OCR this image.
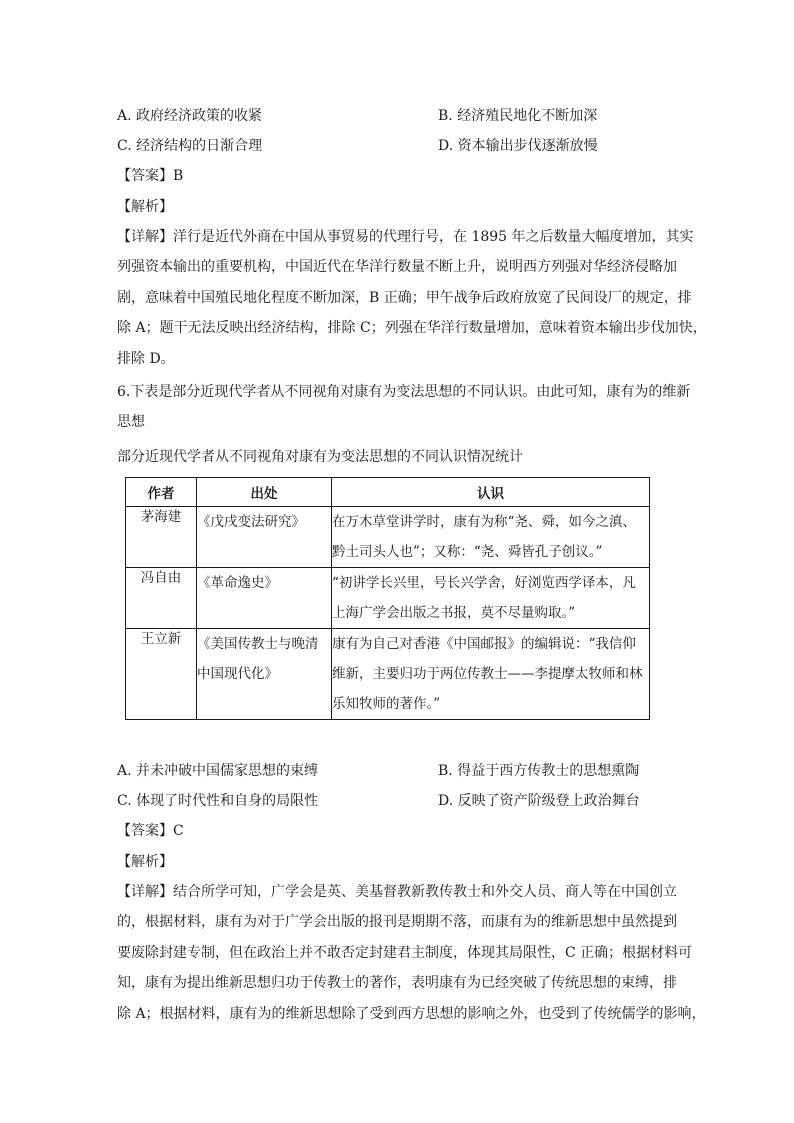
A. 政府经济政策的收紧	B. 经济殖民地化不断加深
C. 经济结构的日渐合理	D. 资本输出步伐逐渐放慢
【答案】B
【解析】
【详解】洋行是近代外商在中国从事贸易的代理行号，在 1895 年之后数量大幅度增加，其实
列强资本输出的重要机构，中国近代在华洋行数量不断上升，说明西方列强对华经济侵略加
剧，意味着中国殖民地化程度不断加深，B 正确；甲午战争后政府放宽了民间设厂的规定，排
除 A；题干无法反映出经济结构，排除 C；列强在华洋行数量增加，意味着资本输出步伐加快，
排除 D。
6.下表是部分近现代学者从不同视角对康有为变法思想的不同认识。由此可知，康有为的维新
思想
部分近现代学者从不同视角对康有为变法思想的不同认识情况统计
作者	出处	认识

茅海建	《戊戌变法研究》	在万木草堂讲学时，康有为称“尧、舜，如今之滇、黔土司头人也”；又称：“尧、舜皆孔子创议。”

冯自由	《革命逸史》	“初讲学长兴里，号长兴学舍，好浏览西学译本，凡上海广学会出版之书报，莫不尽量购取。”

王立新	《美国传教士与晚清中国现代化》	康有为自己对香港《中国邮报》的编辑说：“我信仰维新，主要归功于两位传教士——李提摩太牧师和林乐知牧师的著作。”
A. 并未冲破中国儒家思想的束缚	B. 得益于西方传教士的思想熏陶
C. 体现了时代性和自身的局限性	D. 反映了资产阶级登上政治舞台
【答案】C
【解析】
【详解】结合所学可知，广学会是英、美基督教新教传教士和外交人员、商人等在中国创立
的，根据材料，康有为对于广学会出版的报刊是期期不落，而康有为的维新思想中虽然提到
要废除封建专制，但在政治上并不敢否定封建君主制度，体现其局限性，C 正确；根据材料可
知，康有为提出维新思想归功于传教士的著作，表明康有为已经突破了传统思想的束缚，排
除 A；根据材料，康有为的维新思想除了受到西方思想的影响之外，也受到了传统儒学的影响，
